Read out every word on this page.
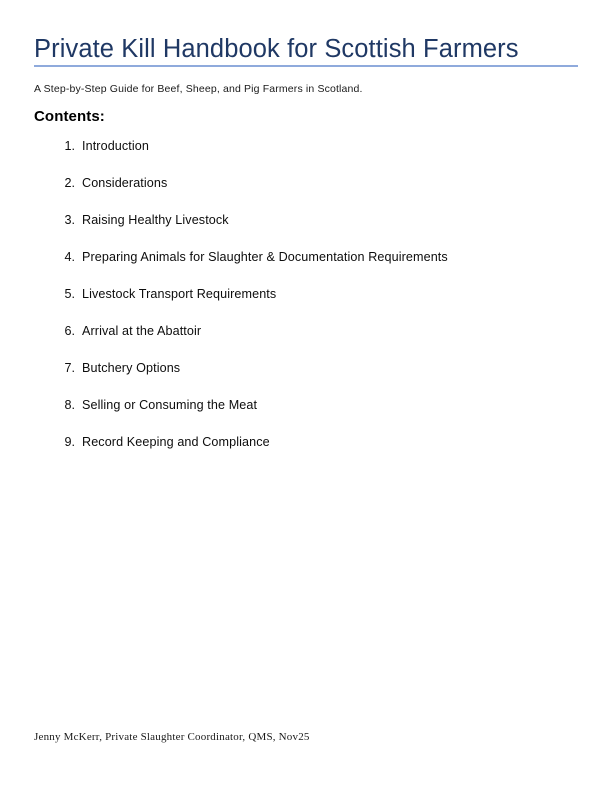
Private Kill Handbook for Scottish Farmers
A Step-by-Step Guide for Beef, Sheep, and Pig Farmers in Scotland.
Contents:
1. Introduction
2. Considerations
3. Raising Healthy Livestock
4. Preparing Animals for Slaughter & Documentation Requirements
5. Livestock Transport Requirements
6. Arrival at the Abattoir
7. Butchery Options
8. Selling or Consuming the Meat
9. Record Keeping and Compliance
Jenny McKerr, Private Slaughter Coordinator, QMS, Nov25
